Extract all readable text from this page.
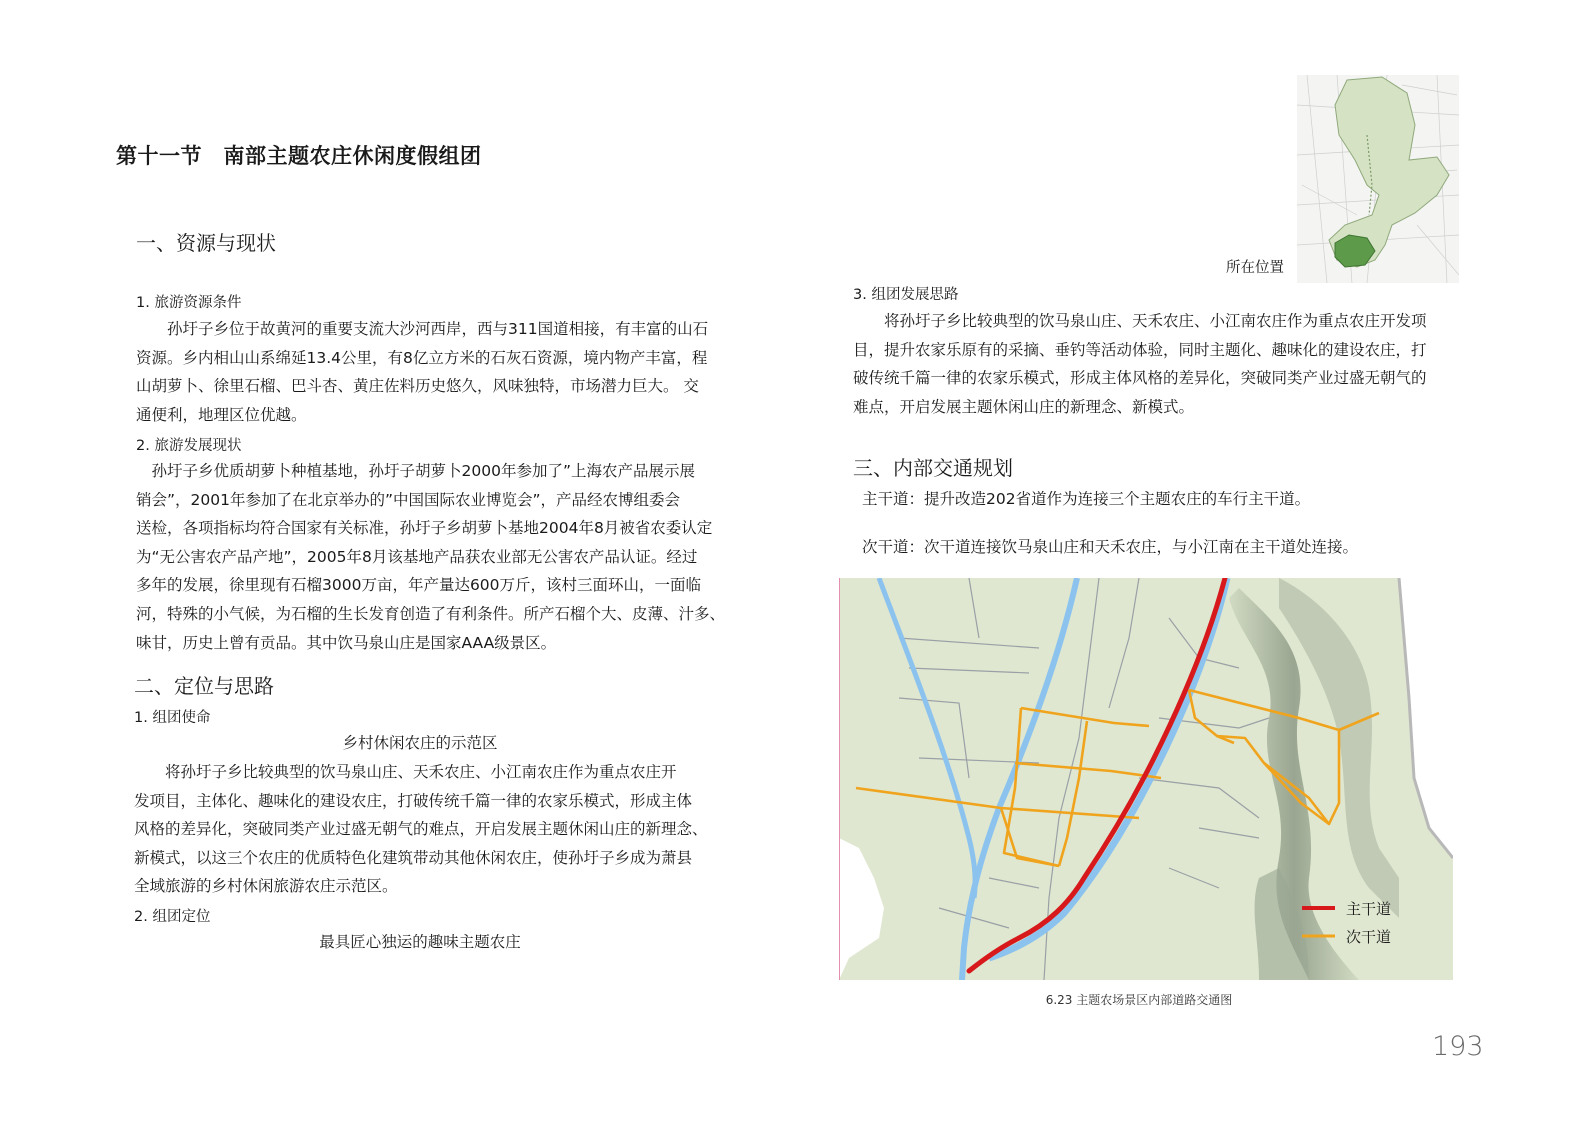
第十一节　南部主题农庄休闲度假组团
一、资源与现状
1. 旅游资源条件
　　孙圩子乡位于故黄河的重要支流大沙河西岸，西与311国道相接，有丰富的山石
资源。乡内相山山系绵延13.4公里，有8亿立方米的石灰石资源，境内物产丰富，程
山胡萝卜、徐里石榴、巴斗杏、黄庄佐料历史悠久，风味独特，市场潜力巨大。 交
通便利，地理区位优越。
2. 旅游发展现状
　孙圩子乡优质胡萝卜种植基地，孙圩子胡萝卜2000年参加了”上海农产品展示展
销会”，2001年参加了在北京举办的”中国国际农业博览会”，产品经农博组委会
送检，各项指标均符合国家有关标准，孙圩子乡胡萝卜基地2004年8月被省农委认定
为“无公害农产品产地”，2005年8月该基地产品获农业部无公害农产品认证。经过
多年的发展，徐里现有石榴3000万亩，年产量达600万斤，该村三面环山，一面临
河，特殊的小气候，为石榴的生长发育创造了有利条件。所产石榴个大、皮薄、汁多、
味甘，历史上曾有贡品。其中饮马泉山庄是国家AAA级景区。
二、定位与思路
1. 组团使命
乡村休闲农庄的示范区
　　将孙圩子乡比较典型的饮马泉山庄、天禾农庄、小江南农庄作为重点农庄开
发项目，主体化、趣味化的建设农庄，打破传统千篇一律的农家乐模式，形成主体
风格的差异化，突破同类产业过盛无朝气的难点，开启发展主题休闲山庄的新理念、
新模式，以这三个农庄的优质特色化建筑带动其他休闲农庄，使孙圩子乡成为萧县
全域旅游的乡村休闲旅游农庄示范区。
2. 组团定位
最具匠心独运的趣味主题农庄
所在位置
3. 组团发展思路
　　将孙圩子乡比较典型的饮马泉山庄、天禾农庄、小江南农庄作为重点农庄开发项
目，提升农家乐原有的采摘、垂钓等活动体验，同时主题化、趣味化的建设农庄，打
破传统千篇一律的农家乐模式，形成主体风格的差异化，突破同类产业过盛无朝气的
难点，开启发展主题休闲山庄的新理念、新模式。
三、内部交通规划
主干道：提升改造202省道作为连接三个主题农庄的车行主干道。
次干道：次干道连接饮马泉山庄和天禾农庄，与小江南在主干道处连接。
主干道
次干道
6.23 主题农场景区内部道路交通图
193
